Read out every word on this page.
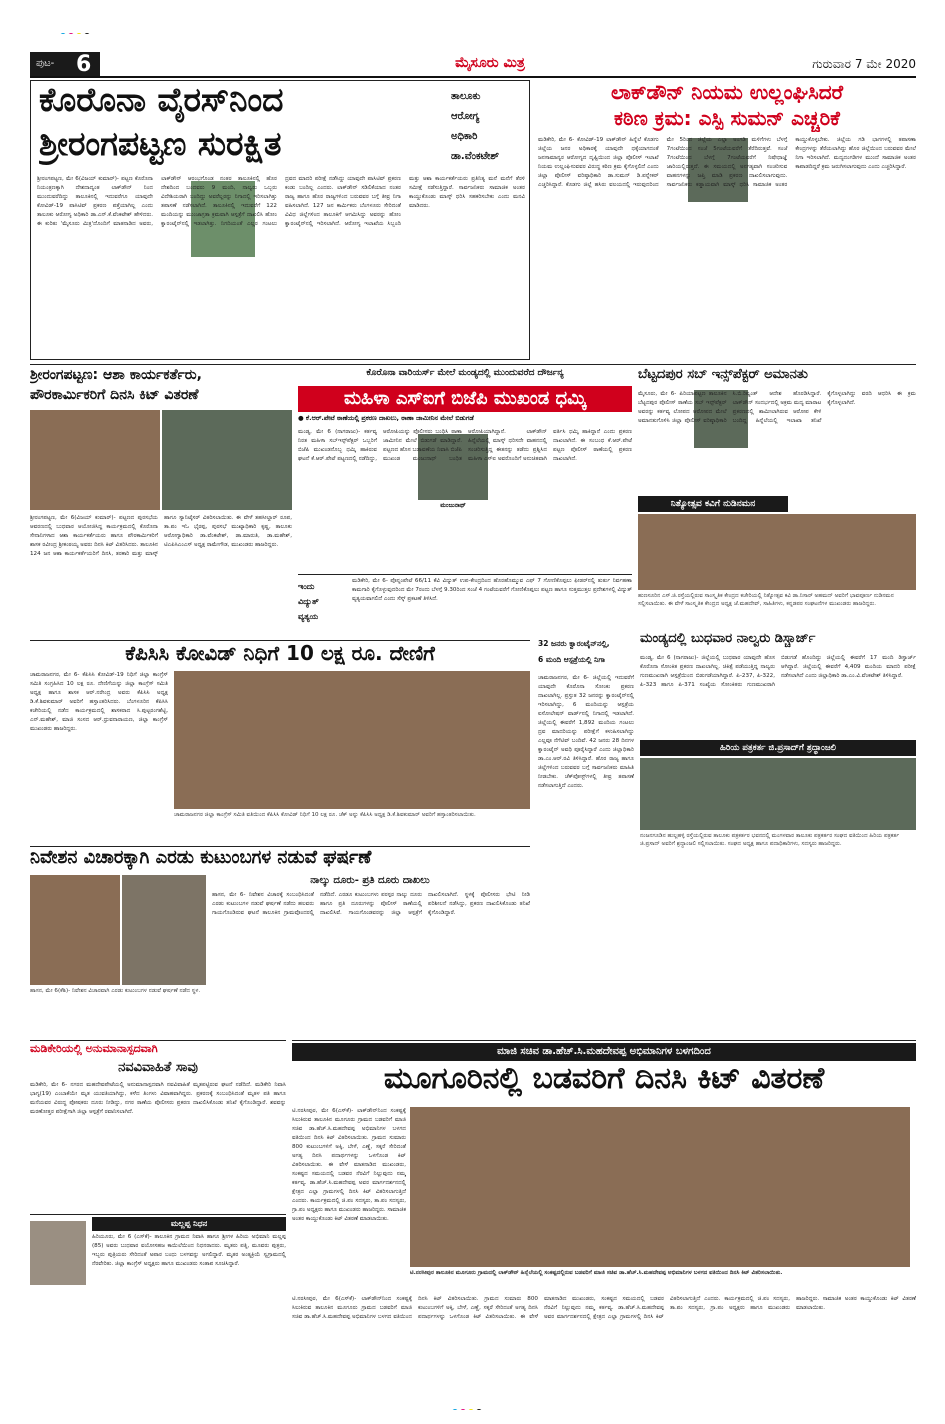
ಪುಟ- 6	ಮೈಸೂರು ಮಿತ್ರ	ಗುರುವಾರ 7 ಮೇ 2020
ಕೊರೊನಾ ವೈರಸ್‌ನಿಂದ
ಶ್ರೀರಂಗಪಟ್ಟಣ ಸುರಕ್ಷಿತ
ತಾಲೂಕು
ಆರೋಗ್ಯ
ಅಧಿಕಾರಿ
ಡಾ.ವೆಂಕಟೇಶ್
ಶ್ರೀರಂಗಪಟ್ಟಣ, ಮೇ 6(ವಿಜಯ್ ಕುಮಾರ್)- ಪಟ್ಟಣ ಕೊರೊನಾ ನಿಯಂತ್ರಣಕ್ಕಾಗಿ ದೇಶದಾದ್ಯಂತ ಲಾಕ್‌ಡೌನ್ ನಿಂದ ಮುಂದುವರೆದಿದ್ದು ತಾಲೂಕಿನಲ್ಲಿ ಇದುವರೆಗೂ ಯಾವುದೇ ಕೋವಿಡ್-19 ಪಾಸಿಟಿವ್ ಪ್ರಕರಣ ಪತ್ತೆಯಾಗಿಲ್ಲ ಎಂದು ತಾಲೂಕು ಆರೋಗ್ಯ ಅಧಿಕಾರಿ ಡಾ.ಎನ್.ಕೆ.ವೆಂಕಟೇಶ್ ಹೇಳಿದರು. ಈ ಕುರಿತು 'ಮೈಸೂರು ಮಿತ್ರ'ದೊಂದಿಗೆ ಮಾತನಾಡಿದ ಅವರು, ಲಾಕ್‌ಡೌನ್ ಆರಂಭಗೊಂಡ ನಂತರ ತಾಲೂಕಿನಲ್ಲಿ ಹೊರ ದೇಶದಿಂದ ಬಂದವರು 9 ಮಂದಿ, ನಾಲ್ವರು ಒಬ್ಬರು ವಿದೇಶಿಯರಾಗಿ ಬಂದಿದ್ದು ಅವರೆಲ್ಲರನ್ನು ನಿಗಾದಲ್ಲಿ ಇರಿಸಲಾಗಿತ್ತು ತಪಾಸಣೆ ನಡೆಸಲಾಗಿದೆ. ತಾಲೂಕಿನಲ್ಲಿ ಇದುವರೆಗೆ 122 ಮಂದಿಯನ್ನು ಮುಂಜಾಗ್ರತಾ ಕ್ರಮವಾಗಿ ಆಸ್ಪತ್ರೆಗೆ ದಾಖಲಿಸಿ ಹೋಂ ಕ್ವಾರಂಟೈನ್‌ನಲ್ಲಿ ಇಡಲಾಗಿತ್ತು. ನಿಗದಿಯಂತೆ ಎಲ್ಲರ ಗಂಟಲು ದ್ರವದ ಮಾದರಿ ಪರೀಕ್ಷೆ ನಡೆಸಿದ್ದು ಯಾವುದೇ ಪಾಸಿಟಿವ್ ಪ್ರಕರಣ ಕಂಡು ಬಂದಿಲ್ಲ ಎಂದರು. ಲಾಕ್‌ಡೌನ್ ಸಡಿಲಿಕೆಯಾದ ನಂತರ ರಾಜ್ಯ ಹಾಗೂ ಹೊರ ರಾಜ್ಯಗಳಿಂದ ಬರುವವರ ಬಗ್ಗೆ ತೀವ್ರ ನಿಗಾ ವಹಿಸಲಾಗಿದೆ. 127 ಜನ ಕಾರ್ಮಿಕರು ಬೆಂಗಳೂರು ಸೇರಿದಂತೆ ವಿವಿಧ ಜಿಲ್ಲೆಗಳಿಂದ ತಾಲೂಕಿಗೆ ಆಗಮಿಸಿದ್ದು ಅವರನ್ನು ಹೋಂ ಕ್ವಾರಂಟೈನ್‌ನಲ್ಲಿ ಇರಿಸಲಾಗಿದೆ. ಆರೋಗ್ಯ ಇಲಾಖೆಯ ಸಿಬ್ಬಂದಿ ಮತ್ತು ಆಶಾ ಕಾರ್ಯಕರ್ತೆಯರು ಪ್ರತಿನಿತ್ಯ ಮನೆ ಮನೆಗೆ ತೆರಳಿ ಸಮೀಕ್ಷೆ ನಡೆಸುತ್ತಿದ್ದಾರೆ. ಸಾರ್ವಜನಿಕರು ಸಾಮಾಜಿಕ ಅಂತರ ಕಾಯ್ದುಕೊಂಡು ಮಾಸ್ಕ್ ಧರಿಸಿ ಸಹಕರಿಸಬೇಕು ಎಂದು ಮನವಿ ಮಾಡಿದರು.
ಲಾಕ್‌ಡೌನ್ ನಿಯಮ ಉಲ್ಲಂಘಿಸಿದರೆ
ಕಠಿಣ ಕ್ರಮ: ಎಸ್ಪಿ ಸುಮನ್ ಎಚ್ಚರಿಕೆ
ಮಡಿಕೇರಿ, ಮೇ 6- ಕೋವಿಡ್-19 ಲಾಕ್‌ಡೌನ್ ಹಿನ್ನೆಲೆ ಕೊಡಗು ಜಿಲ್ಲೆಯ ಜನರ ಅಧಿಕಾರಕ್ಕೆ ಯಾವುದೇ ಧಕ್ಕೆಯಾಗದಂತೆ ಜನಸಾಮಾನ್ಯರ ಆರೋಗ್ಯದ ದೃಷ್ಟಿಯಿಂದ ಜಿಲ್ಲಾ ಪೊಲೀಸ್ ಇಲಾಖೆ ನಿಯಮ ಉಲ್ಲಂಘಿಸುವವರ ವಿರುದ್ಧ ಕಠಿಣ ಕ್ರಮ ಕೈಗೊಳ್ಳಲಿದೆ ಎಂದು ಜಿಲ್ಲಾ ಪೊಲೀಸ್ ವರಿಷ್ಠಾಧಿಕಾರಿ ಡಾ.ಸುಮನ್ ಡಿ.ಪನ್ನೇಕರ್ ಎಚ್ಚರಿಸಿದ್ದಾರೆ. ಕೊಡಗು ಜಿಲ್ಲೆ ಹಸಿರು ವಲಯದಲ್ಲಿ ಇರುವುದರಿಂದ ಮೇ 5ರಿಂದ ಜಿಲ್ಲೆಯ ಎಲ್ಲಾ ಅಂಗಡಿ ಮಳಿಗೆಗಳು ಬೆಳಗ್ಗೆ 7ಗಂಟೆಯಿಂದ ಸಂಜೆ 5ಗಂಟೆಯವರೆಗೆ ತೆರೆದಿರುತ್ತವೆ. ಸಂಜೆ 7ಗಂಟೆಯಿಂದ ಬೆಳಗ್ಗೆ 7ಗಂಟೆಯವರೆಗೆ ನಿಷೇಧಾಜ್ಞೆ ಜಾರಿಯಲ್ಲಿರುತ್ತದೆ. ಈ ಸಮಯದಲ್ಲಿ ಅನಗತ್ಯವಾಗಿ ಸಂಚರಿಸುವ ವಾಹನಗಳನ್ನು ಜಪ್ತಿ ಮಾಡಿ ಪ್ರಕರಣ ದಾಖಲಿಸಲಾಗುವುದು. ಸಾರ್ವಜನಿಕರು ಕಡ್ಡಾಯವಾಗಿ ಮಾಸ್ಕ್ ಧರಿಸಿ ಸಾಮಾಜಿಕ ಅಂತರ ಕಾಯ್ದುಕೊಳ್ಳಬೇಕು. ಜಿಲ್ಲೆಯ ಗಡಿ ಭಾಗಗಳಲ್ಲಿ ತಪಾಸಣಾ ಕೇಂದ್ರಗಳನ್ನು ತೆರೆಯಲಾಗಿದ್ದು ಹೊರ ಜಿಲ್ಲೆಯಿಂದ ಬರುವವರ ಮೇಲೆ ನಿಗಾ ಇರಿಸಲಾಗಿದೆ. ಮದ್ಯದಂಗಡಿಗಳ ಮುಂದೆ ಸಾಮಾಜಿಕ ಅಂತರ ಕಾಪಾಡದಿದ್ದರೆ ಕ್ರಮ ಜರುಗಿಸಲಾಗುವುದು ಎಂದು ಎಚ್ಚರಿಸಿದ್ದಾರೆ.
ಶ್ರೀರಂಗಪಟ್ಟಣ: ಆಶಾ ಕಾರ್ಯಕರ್ತೆರು,
ಪೌರಕಾರ್ಮಿಕರಿಗೆ ದಿನಸಿ ಕಿಟ್ ವಿತರಣೆ
ಶ್ರೀರಂಗಪಟ್ಟಣ, ಮೇ 6(ವಿಜಯ್ ಕುಮಾರ್)- ಪಟ್ಟಣದ ಪುರಸಭೆಯ ಆವರಣದಲ್ಲಿ ಬುಧವಾರ ಆಯೋಜಿಸಿದ್ದ ಕಾರ್ಯಕ್ರಮದಲ್ಲಿ ಕೊರೊನಾ ಸೇನಾನಿಗಳಾದ ಆಶಾ ಕಾರ್ಯಕರ್ತೆಯರು ಹಾಗೂ ಪೌರಕಾರ್ಮಿಕರಿಗೆ ಶಾಸಕ ರವೀಂದ್ರ ಶ್ರೀಕಂಠಯ್ಯ ಅವರು ದಿನಸಿ ಕಿಟ್ ವಿತರಿಸಿದರು. ತಾಲೂಕಿನ 124 ಜನ ಆಶಾ ಕಾರ್ಯಕರ್ತೆಯರಿಗೆ ದಿನಸಿ, ತರಕಾರಿ ಮತ್ತು ಮಾಸ್ಕ್ ಹಾಗೂ ಸ್ಯಾನಿಟೈಸರ್ ವಿತರಿಸಲಾಯಿತು. ಈ ವೇಳೆ ತಹಸೀಲ್ದಾರ್ ರೂಪ, ತಾ.ಪಂ ಇಓ ಭೈರಪ್ಪ, ಪುರಸಭೆ ಮುಖ್ಯಾಧಿಕಾರಿ ಕೃಷ್ಣ, ತಾಲೂಕು ಆರೋಗ್ಯಾಧಿಕಾರಿ ಡಾ.ವೆಂಕಟೇಶ್, ಡಾ.ಮಾರುತಿ, ಡಾ.ಮಹೇಶ್, ಟಿಎಪಿಸಿಎಂಎಸ್ ಅಧ್ಯಕ್ಷ ರಾಮೇಗೌಡ, ಮುಖಂಡರು ಹಾಜರಿದ್ದರು.
ಕೊರೊನಾ ವಾರಿಯರ್ಸ್ ಮೇಲೆ ಮಂಡ್ಯದಲ್ಲಿ ಮುಂದುವರೆದ ದೌರ್ಜನ್ಯ
ಮಹಿಳಾ ಎಸ್‌ಐಗೆ ಬಿಜೆಪಿ ಮುಖಂಡ ಧಮ್ಕಿ
● ಕೆ.ಆರ್.ಪೇಟೆ ಠಾಣೆಯಲ್ಲಿ ಪ್ರಕರಣ ದಾಖಲು, ಠಾಣಾ ಜಾಮೀನಿನ ಮೇಲೆ ಬಿಡುಗಡೆ
ಮಂಜುನಾಥ್
ಮಂಡ್ಯ, ಮೇ 6 (ನಾಗರಾಜು)- ಕರ್ತವ್ಯ ನಿರತ ಮಹಿಳಾ ಸಬ್‌ಇನ್ಸ್‌ಪೆಕ್ಟರ್ ಒಬ್ಬರಿಗೆ ಬಿಜೆಪಿ ಮುಖಂಡನೊಬ್ಬ ಧಮ್ಕಿ ಹಾಕಿರುವ ಘಟನೆ ಕೆ.ಆರ್.ಪೇಟೆ ಪಟ್ಟಣದಲ್ಲಿ ನಡೆದಿದ್ದು, ಆರೋಪಿಯನ್ನು ಪೊಲೀಸರು ಬಂಧಿಸಿ ಠಾಣಾ ಜಾಮೀನಿನ ಮೇಲೆ ಬಿಡುಗಡೆ ಮಾಡಿದ್ದಾರೆ. ಪಟ್ಟಣದ ಹೊಸ ಬಡಾವಣೆಯ ನಿವಾಸಿ ಬಿಜೆಪಿ ಮುಖಂಡ ಮಂಜುನಾಥ್ ಬಂಧಿತ ಆರೋಪಿಯಾಗಿದ್ದಾನೆ. ಲಾಕ್‌ಡೌನ್ ಹಿನ್ನೆಲೆಯಲ್ಲಿ ಮಾಸ್ಕ್ ಧರಿಸದೇ ವಾಹನದಲ್ಲಿ ಸಂಚರಿಸುತ್ತಿದ್ದ ಈತನನ್ನು ತಡೆದು ಪ್ರಶ್ನಿಸಿದ ಮಹಿಳಾ ಎಸ್‌ಐ ಅವರೊಂದಿಗೆ ಅನುಚಿತವಾಗಿ ವರ್ತಿಸಿ ಧಮ್ಕಿ ಹಾಕಿದ್ದಾನೆ ಎಂದು ಪ್ರಕರಣ ದಾಖಲಾಗಿದೆ. ಈ ಸಂಬಂಧ ಕೆ.ಆರ್.ಪೇಟೆ ಪಟ್ಟಣ ಪೊಲೀಸ್ ಠಾಣೆಯಲ್ಲಿ ಪ್ರಕರಣ ದಾಖಲಾಗಿದೆ.
ಇಂದು
ವಿದ್ಯುತ್
ವ್ಯತ್ಯಯ
ಮಡಿಕೇರಿ, ಮೇ 6- ಪೊನ್ನಂಪೇಟೆ 66/11 ಕೆವಿ ವಿದ್ಯುತ್ ಉಪ-ಕೇಂದ್ರದಿಂದ ಹೊರಹೊಮ್ಮುವ ಎಫ್ 7 ಗೋಣಿಕೊಪ್ಪಲು ಫೀಡರ್‌ನಲ್ಲಿ ತುರ್ತು ನಿರ್ವಹಣಾ ಕಾಮಗಾರಿ ಕೈಗೊಳ್ಳುವುದರಿಂದ ಮೇ 7ರಂದು ಬೆಳಗ್ಗೆ 9.30ರಿಂದ ಸಂಜೆ 4 ಗಂಟೆಯವರೆಗೆ ಗೋಣಿಕೊಪ್ಪಲು ಪಟ್ಟಣ ಹಾಗೂ ಸುತ್ತಮುತ್ತಲ ಪ್ರದೇಶಗಳಲ್ಲಿ ವಿದ್ಯುತ್ ವ್ಯತ್ಯಯವಾಗಲಿದೆ ಎಂದು ಸೆಸ್ಕ್ ಪ್ರಕಟಣೆ ತಿಳಿಸಿದೆ.
ಬೆಟ್ಟದಪುರ ಸಬ್ ಇನ್ಸ್‌ಪೆಕ್ಟರ್ ಅಮಾನತು
ಮೈಸೂರು, ಮೇ 6- ಪಿರಿಯಾಪಟ್ಟಣ ತಾಲೂಕಿನ ಬೆಟ್ಟದಪುರ ಪೊಲೀಸ್ ಠಾಣೆಯ ಸಬ್ ಇನ್ಸ್‌ಪೆಕ್ಟರ್ ಅವರನ್ನು ಕರ್ತವ್ಯ ಲೋಪದ ಆರೋಪದ ಮೇಲೆ ಅಮಾನತುಗೊಳಿಸಿ ಜಿಲ್ಲಾ ಪೊಲೀಸ್ ವರಿಷ್ಠಾಧಿಕಾರಿ ಸಿ.ಬಿ.ರಿಷ್ಯಂತ್ ಆದೇಶ ಹೊರಡಿಸಿದ್ದಾರೆ. ಲಾಕ್‌ಡೌನ್ ಸಂದರ್ಭದಲ್ಲಿ ಅಕ್ರಮ ಮದ್ಯ ಮಾರಾಟ ಪ್ರಕರಣದಲ್ಲಿ ಶಾಮೀಲಾಗಿರುವ ಆರೋಪ ಕೇಳಿ ಬಂದಿದ್ದ ಹಿನ್ನೆಲೆಯಲ್ಲಿ ಇಲಾಖಾ ತನಿಖೆ ಕೈಗೊಳ್ಳಲಾಗಿದ್ದು ವರದಿ ಆಧರಿಸಿ ಈ ಕ್ರಮ ಕೈಗೊಳ್ಳಲಾಗಿದೆ.
ನಿತ್ಯೋತ್ಸವ ಕವಿಗೆ ನುಡಿನಮನ
ಹುಣಸೂರಿನ ಎಸ್.ಜಿ.ರಸ್ತೆಯಲ್ಲಿರುವ ಸಾಂಸ್ಕೃತಿಕ ಕೇಂದ್ರದ ಕಚೇರಿಯಲ್ಲಿ ನಿತ್ಯೋತ್ಸವ ಕವಿ ಡಾ.ನಿಸಾರ್ ಅಹಮದ್ ಅವರಿಗೆ ಭಾವಪೂರ್ಣ ನುಡಿನಮನ ಸಲ್ಲಿಸಲಾಯಿತು. ಈ ವೇಳೆ ಸಾಂಸ್ಕೃತಿಕ ಕೇಂದ್ರದ ಅಧ್ಯಕ್ಷ ಜೆ.ಮಹದೇವ್, ಸಾಹಿತಿಗಳು, ಕನ್ನಡಪರ ಸಂಘಟನೆಗಳ ಮುಖಂಡರು ಹಾಜರಿದ್ದರು.
ಕೆಪಿಸಿಸಿ ಕೋವಿಡ್ ನಿಧಿಗೆ 10 ಲಕ್ಷ ರೂ. ದೇಣಿಗೆ
ಚಾಮರಾಜನಗರ, ಮೇ 6- ಕೆಪಿಸಿಸಿ ಕೋವಿಡ್-19 ನಿಧಿಗೆ ಜಿಲ್ಲಾ ಕಾಂಗ್ರೆಸ್ ಸಮಿತಿ ಸಂಗ್ರಹಿಸಿದ 10 ಲಕ್ಷ ರೂ. ದೇಣಿಗೆಯನ್ನು ಜಿಲ್ಲಾ ಕಾಂಗ್ರೆಸ್ ಸಮಿತಿ ಅಧ್ಯಕ್ಷ ಹಾಗೂ ಶಾಸಕ ಆರ್.ನರೇಂದ್ರ ಅವರು ಕೆಪಿಸಿಸಿ ಅಧ್ಯಕ್ಷ ಡಿ.ಕೆ.ಶಿವಕುಮಾರ್ ಅವರಿಗೆ ಹಸ್ತಾಂತರಿಸಿದರು. ಬೆಂಗಳೂರಿನ ಕೆಪಿಸಿಸಿ ಕಚೇರಿಯಲ್ಲಿ ನಡೆದ ಕಾರ್ಯಕ್ರಮದಲ್ಲಿ ಶಾಸಕರಾದ ಸಿ.ಪುಟ್ಟರಂಗಶೆಟ್ಟಿ, ಎನ್.ಮಹೇಶ್, ಮಾಜಿ ಸಂಸದ ಆರ್.ಧ್ರುವನಾರಾಯಣ, ಜಿಲ್ಲಾ ಕಾಂಗ್ರೆಸ್ ಮುಖಂಡರು ಹಾಜರಿದ್ದರು.
ಚಾಮರಾಜನಗರ ಜಿಲ್ಲಾ ಕಾಂಗ್ರೆಸ್ ಸಮಿತಿ ವತಿಯಿಂದ ಕೆಪಿಸಿಸಿ ಕೋವಿಡ್ ನಿಧಿಗೆ 10 ಲಕ್ಷ ರೂ. ಚೆಕ್ ಅನ್ನು ಕೆಪಿಸಿಸಿ ಅಧ್ಯಕ್ಷ ಡಿ.ಕೆ.ಶಿವಕುಮಾರ್ ಅವರಿಗೆ ಹಸ್ತಾಂತರಿಸಲಾಯಿತು.
32 ಜನರು ಕ್ವಾರಂಟೈನ್‌ನಲ್ಲಿ,
6 ಮಂದಿ ಆಸ್ಪತ್ರೆಯಲ್ಲಿ ನಿಗಾ
ಚಾಮರಾಜನಗರ, ಮೇ 6- ಜಿಲ್ಲೆಯಲ್ಲಿ ಇದುವರೆಗೆ ಯಾವುದೇ ಕೊರೊನಾ ಸೋಂಕು ಪ್ರಕರಣ ದಾಖಲಾಗಿಲ್ಲ. ಪ್ರಸ್ತುತ 32 ಜನರನ್ನು ಕ್ವಾರಂಟೈನ್‌ನಲ್ಲಿ ಇರಿಸಲಾಗಿದ್ದು, 6 ಮಂದಿಯನ್ನು ಆಸ್ಪತ್ರೆಯ ಐಸೋಲೇಷನ್ ವಾರ್ಡ್‌ನಲ್ಲಿ ನಿಗಾದಲ್ಲಿ ಇಡಲಾಗಿದೆ. ಜಿಲ್ಲೆಯಲ್ಲಿ ಈವರೆಗೆ 1,892 ಮಂದಿಯ ಗಂಟಲು ದ್ರವ ಮಾದರಿಯನ್ನು ಪರೀಕ್ಷೆಗೆ ಕಳುಹಿಸಲಾಗಿದ್ದು ಎಲ್ಲವೂ ನೆಗೆಟಿವ್ ಬಂದಿವೆ. 42 ಜನರು 28 ದಿನಗಳ ಕ್ವಾರಂಟೈನ್ ಅವಧಿ ಪೂರೈಸಿದ್ದಾರೆ ಎಂದು ಜಿಲ್ಲಾಧಿಕಾರಿ ಡಾ.ಎಂ.ಆರ್.ರವಿ ತಿಳಿಸಿದ್ದಾರೆ. ಹೊರ ರಾಜ್ಯ ಹಾಗೂ ಜಿಲ್ಲೆಗಳಿಂದ ಬರುವವರ ಬಗ್ಗೆ ಸಾರ್ವಜನಿಕರು ಮಾಹಿತಿ ನೀಡಬೇಕು. ಚೆಕ್‌ಪೋಸ್ಟ್‌ಗಳಲ್ಲಿ ತೀವ್ರ ತಪಾಸಣೆ ನಡೆಸಲಾಗುತ್ತಿದೆ ಎಂದರು.
ಮಂಡ್ಯದಲ್ಲಿ ಬುಧವಾರ ನಾಲ್ವರು ಡಿಸ್ಚಾರ್ಜ್
ಮಂಡ್ಯ, ಮೇ 6 (ನಾಗರಾಜು)- ಜಿಲ್ಲೆಯಲ್ಲಿ ಬುಧವಾರ ಯಾವುದೇ ಹೊಸ ಕೊರೊನಾ ಸೋಂಕಿತ ಪ್ರಕರಣ ದಾಖಲಾಗಿಲ್ಲ. ಚಿಕಿತ್ಸೆ ಪಡೆಯುತ್ತಿದ್ದ ನಾಲ್ವರು ಗುಣಮುಖರಾಗಿ ಆಸ್ಪತ್ರೆಯಿಂದ ಬಿಡುಗಡೆಯಾಗಿದ್ದಾರೆ. ಪಿ-237, ಪಿ-322, ಪಿ-323 ಹಾಗೂ ಪಿ-371 ಸಂಖ್ಯೆಯ ಸೋಂಕಿತರು ಗುಣಮುಖರಾಗಿ ಬಿಡುಗಡೆ ಹೊಂದಿದ್ದು ಜಿಲ್ಲೆಯಲ್ಲಿ ಈವರೆಗೆ 17 ಮಂದಿ ಡಿಸ್ಚಾರ್ಜ್ ಆಗಿದ್ದಾರೆ. ಜಿಲ್ಲೆಯಲ್ಲಿ ಈವರೆಗೆ 4,409 ಮಂದಿಯ ಮಾದರಿ ಪರೀಕ್ಷೆ ನಡೆಸಲಾಗಿದೆ ಎಂದು ಜಿಲ್ಲಾಧಿಕಾರಿ ಡಾ.ಎಂ.ವಿ.ವೆಂಕಟೇಶ್ ತಿಳಿಸಿದ್ದಾರೆ.
ಹಿರಿಯ ಪತ್ರಕರ್ತ ಜಿ.ಪ್ರಸಾದ್‌ಗೆ ಶ್ರದ್ಧಾಂಜಲಿ
ನಂಜನಗೂಡಿನ ಹುಲ್ಲಹಳ್ಳಿ ರಸ್ತೆಯಲ್ಲಿರುವ ತಾಲೂಕು ಪತ್ರಕರ್ತರ ಭವನದಲ್ಲಿ ಮಂಗಳವಾರ ತಾಲೂಕು ಪತ್ರಕರ್ತರ ಸಂಘದ ವತಿಯಿಂದ ಹಿರಿಯ ಪತ್ರಕರ್ತ ಜಿ.ಪ್ರಸಾದ್ ಅವರಿಗೆ ಶ್ರದ್ಧಾಂಜಲಿ ಸಲ್ಲಿಸಲಾಯಿತು. ಸಂಘದ ಅಧ್ಯಕ್ಷ ಹಾಗೂ ಪದಾಧಿಕಾರಿಗಳು, ಸದಸ್ಯರು ಹಾಜರಿದ್ದರು.
ನಿವೇಶನ ವಿಚಾರಕ್ಕಾಗಿ ಎರಡು ಕುಟುಂಬಗಳ ನಡುವೆ ಘರ್ಷಣೆ
ನಾಲ್ಕು ದೂರು- ಪ್ರತಿ ದೂರು ದಾಖಲು
ಹಾಸನ, ಮೇ 6(ಕೆಶಿ)- ನಿವೇಶನ ವಿಚಾರವಾಗಿ ಎರಡು ಕುಟುಂಬಗಳ ನಡುವೆ ಘರ್ಷಣೆ ನಡೆದ ಸ್ಥಳ.
ಹಾಸನ, ಮೇ 6- ನಿವೇಶನ ವಿಚಾರಕ್ಕೆ ಸಂಬಂಧಿಸಿದಂತೆ ಎರಡು ಕುಟುಂಬಗಳ ನಡುವೆ ಘರ್ಷಣೆ ನಡೆದು ಹಲವರು ಗಾಯಗೊಂಡಿರುವ ಘಟನೆ ತಾಲೂಕಿನ ಗ್ರಾಮವೊಂದರಲ್ಲಿ ನಡೆದಿದೆ. ಎರಡೂ ಕುಟುಂಬಗಳು ಪರಸ್ಪರ ನಾಲ್ಕು ದೂರು ಹಾಗೂ ಪ್ರತಿ ದೂರುಗಳನ್ನು ಪೊಲೀಸ್ ಠಾಣೆಯಲ್ಲಿ ದಾಖಲಿಸಿವೆ. ಗಾಯಗೊಂಡವರನ್ನು ಜಿಲ್ಲಾ ಆಸ್ಪತ್ರೆಗೆ ದಾಖಲಿಸಲಾಗಿದೆ. ಸ್ಥಳಕ್ಕೆ ಪೊಲೀಸರು ಭೇಟಿ ನೀಡಿ ಪರಿಶೀಲನೆ ನಡೆಸಿದ್ದು, ಪ್ರಕರಣ ದಾಖಲಿಸಿಕೊಂಡು ತನಿಖೆ ಕೈಗೊಂಡಿದ್ದಾರೆ.
ಮಡಿಕೇರಿಯಲ್ಲಿ ಅನುಮಾನಾಸ್ಪದವಾಗಿ
ನವವಿವಾಹಿತೆ ಸಾವು
ಮಡಿಕೇರಿ, ಮೇ 6- ನಗರದ ಮಹದೇವಪೇಟೆಯಲ್ಲಿ ಅನುಮಾನಾಸ್ಪದವಾಗಿ ನವವಿವಾಹಿತೆ ಮೃತಪಟ್ಟಿರುವ ಘಟನೆ ನಡೆದಿದೆ. ಮಡಿಕೇರಿ ನಿವಾಸಿ ಭಾಗ್ಯ(19) ಎಂಬಾಕೆಯೇ ಮೃತ ಯುವತಿಯಾಗಿದ್ದು, ಕಳೆದ ತಿಂಗಳು ವಿವಾಹವಾಗಿದ್ದರು. ಪ್ರಕರಣಕ್ಕೆ ಸಂಬಂಧಿಸಿದಂತೆ ಮೃತಳ ಪತಿ ಹಾಗೂ ಮನೆಯವರ ವಿರುದ್ಧ ಪೋಷಕರು ದೂರು ನೀಡಿದ್ದು, ನಗರ ಠಾಣೆಯ ಪೊಲೀಸರು ಪ್ರಕರಣ ದಾಖಲಿಸಿಕೊಂಡು ತನಿಖೆ ಕೈಗೊಂಡಿದ್ದಾರೆ. ಶವವನ್ನು ಮರಣೋತ್ತರ ಪರೀಕ್ಷೆಗಾಗಿ ಜಿಲ್ಲಾ ಆಸ್ಪತ್ರೆಗೆ ರವಾನಿಸಲಾಗಿದೆ.
ಮಲ್ಲಪ್ಪ ನಿಧನ
ಹಿರಿಯೂರು, ಮೇ 6 (ಎಸ್‌ಕೆ)- ತಾಲೂಕಿನ ಗ್ರಾಮದ ನಿವಾಸಿ ಹಾಗೂ ಶ್ರೀಗಳ ಹಿರಿಯ ಅಭಿಮಾನಿ ಮಲ್ಲಪ್ಪ (85) ಅವರು ಬುಧವಾರ ವಯೋಸಹಜ ಕಾಯಿಲೆಯಿಂದ ನಿಧನರಾದರು. ಮೃತರು ಪತ್ನಿ, ಮೂವರು ಪುತ್ರರು, ಇಬ್ಬರು ಪುತ್ರಿಯರು ಸೇರಿದಂತೆ ಅಪಾರ ಬಂಧು ಬಳಗವನ್ನು ಅಗಲಿದ್ದಾರೆ. ಮೃತರ ಅಂತ್ಯಕ್ರಿಯೆ ಸ್ವಗ್ರಾಮದಲ್ಲಿ ನೆರವೇರಿತು. ಜಿಲ್ಲಾ ಕಾಂಗ್ರೆಸ್ ಅಧ್ಯಕ್ಷರು ಹಾಗೂ ಮುಖಂಡರು ಸಂತಾಪ ಸೂಚಿಸಿದ್ದಾರೆ.
ಮಾಜಿ ಸಚಿವ ಡಾ.ಹೆಚ್.ಸಿ.ಮಹದೇವಪ್ಪ ಅಭಿಮಾನಿಗಳ ಬಳಗದಿಂದ
ಮೂಗೂರಿನಲ್ಲಿ ಬಡವರಿಗೆ ದಿನಸಿ ಕಿಟ್ ವಿತರಣೆ
ಟಿ.ನರಸೀಪುರ, ಮೇ 6(ಎಸ್‌ಕೆ)- ಲಾಕ್‌ಡೌನ್‌ನಿಂದ ಸಂಕಷ್ಟಕ್ಕೆ ಸಿಲುಕಿರುವ ತಾಲೂಕಿನ ಮೂಗೂರು ಗ್ರಾಮದ ಬಡವರಿಗೆ ಮಾಜಿ ಸಚಿವ ಡಾ.ಹೆಚ್.ಸಿ.ಮಹದೇವಪ್ಪ ಅಭಿಮಾನಿಗಳ ಬಳಗದ ವತಿಯಿಂದ ದಿನಸಿ ಕಿಟ್ ವಿತರಿಸಲಾಯಿತು. ಗ್ರಾಮದ ಸುಮಾರು 800 ಕುಟುಂಬಗಳಿಗೆ ಅಕ್ಕಿ, ಬೇಳೆ, ಎಣ್ಣೆ, ಸಕ್ಕರೆ ಸೇರಿದಂತೆ ಅಗತ್ಯ ದಿನಸಿ ಪದಾರ್ಥಗಳನ್ನು ಒಳಗೊಂಡ ಕಿಟ್ ವಿತರಿಸಲಾಯಿತು. ಈ ವೇಳೆ ಮಾತನಾಡಿದ ಮುಖಂಡರು, ಸಂಕಷ್ಟದ ಸಮಯದಲ್ಲಿ ಬಡವರ ನೆರವಿಗೆ ನಿಲ್ಲುವುದು ನಮ್ಮ ಕರ್ತವ್ಯ. ಡಾ.ಹೆಚ್.ಸಿ.ಮಹದೇವಪ್ಪ ಅವರ ಮಾರ್ಗದರ್ಶನದಲ್ಲಿ ಕ್ಷೇತ್ರದ ಎಲ್ಲಾ ಗ್ರಾಮಗಳಲ್ಲಿ ದಿನಸಿ ಕಿಟ್ ವಿತರಿಸಲಾಗುತ್ತಿದೆ ಎಂದರು. ಕಾರ್ಯಕ್ರಮದಲ್ಲಿ ಜಿ.ಪಂ ಸದಸ್ಯರು, ತಾ.ಪಂ ಸದಸ್ಯರು, ಗ್ರಾ.ಪಂ ಅಧ್ಯಕ್ಷರು ಹಾಗೂ ಮುಖಂಡರು ಹಾಜರಿದ್ದರು. ಸಾಮಾಜಿಕ ಅಂತರ ಕಾಯ್ದುಕೊಂಡು ಕಿಟ್ ವಿತರಣೆ ಮಾಡಲಾಯಿತು.
ಟಿ.ನರಸೀಪುರ ತಾಲೂಕಿನ ಮೂಗೂರು ಗ್ರಾಮದಲ್ಲಿ ಲಾಕ್‌ಡೌನ್ ಹಿನ್ನೆಲೆಯಲ್ಲಿ ಸಂಕಷ್ಟದಲ್ಲಿರುವ ಬಡವರಿಗೆ ಮಾಜಿ ಸಚಿವ ಡಾ.ಹೆಚ್.ಸಿ.ಮಹದೇವಪ್ಪ ಅಭಿಮಾನಿಗಳ ಬಳಗದ ವತಿಯಿಂದ ದಿನಸಿ ಕಿಟ್ ವಿತರಿಸಲಾಯಿತು.
ಟಿ.ನರಸೀಪುರ, ಮೇ 6(ಎಸ್‌ಕೆ)- ಲಾಕ್‌ಡೌನ್‌ನಿಂದ ಸಂಕಷ್ಟಕ್ಕೆ ಸಿಲುಕಿರುವ ತಾಲೂಕಿನ ಮೂಗೂರು ಗ್ರಾಮದ ಬಡವರಿಗೆ ಮಾಜಿ ಸಚಿವ ಡಾ.ಹೆಚ್.ಸಿ.ಮಹದೇವಪ್ಪ ಅಭಿಮಾನಿಗಳ ಬಳಗದ ವತಿಯಿಂದ ದಿನಸಿ ಕಿಟ್ ವಿತರಿಸಲಾಯಿತು. ಗ್ರಾಮದ ಸುಮಾರು 800 ಕುಟುಂಬಗಳಿಗೆ ಅಕ್ಕಿ, ಬೇಳೆ, ಎಣ್ಣೆ, ಸಕ್ಕರೆ ಸೇರಿದಂತೆ ಅಗತ್ಯ ದಿನಸಿ ಪದಾರ್ಥಗಳನ್ನು ಒಳಗೊಂಡ ಕಿಟ್ ವಿತರಿಸಲಾಯಿತು. ಈ ವೇಳೆ ಮಾತನಾಡಿದ ಮುಖಂಡರು, ಸಂಕಷ್ಟದ ಸಮಯದಲ್ಲಿ ಬಡವರ ನೆರವಿಗೆ ನಿಲ್ಲುವುದು ನಮ್ಮ ಕರ್ತವ್ಯ. ಡಾ.ಹೆಚ್.ಸಿ.ಮಹದೇವಪ್ಪ ಅವರ ಮಾರ್ಗದರ್ಶನದಲ್ಲಿ ಕ್ಷೇತ್ರದ ಎಲ್ಲಾ ಗ್ರಾಮಗಳಲ್ಲಿ ದಿನಸಿ ಕಿಟ್ ವಿತರಿಸಲಾಗುತ್ತಿದೆ ಎಂದರು. ಕಾರ್ಯಕ್ರಮದಲ್ಲಿ ಜಿ.ಪಂ ಸದಸ್ಯರು, ತಾ.ಪಂ ಸದಸ್ಯರು, ಗ್ರಾ.ಪಂ ಅಧ್ಯಕ್ಷರು ಹಾಗೂ ಮುಖಂಡರು ಹಾಜರಿದ್ದರು. ಸಾಮಾಜಿಕ ಅಂತರ ಕಾಯ್ದುಕೊಂಡು ಕಿಟ್ ವಿತರಣೆ ಮಾಡಲಾಯಿತು.
